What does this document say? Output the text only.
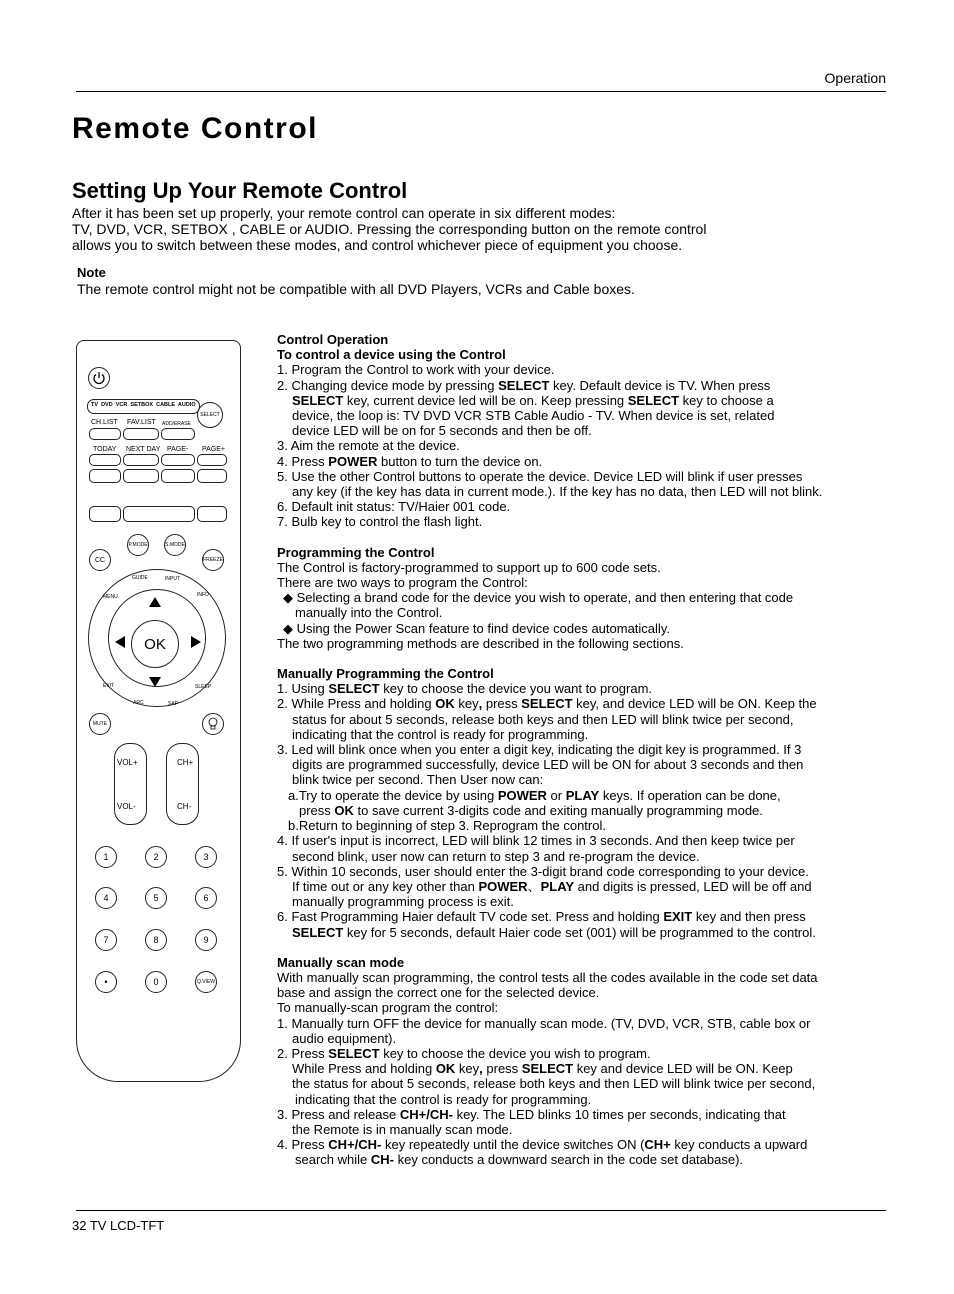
Operation
Remote Control
Setting Up Your Remote Control
After it has been set up properly, your remote control can operate in six different modes:
TV, DVD, VCR, SETBOX , CABLE or AUDIO. Pressing the corresponding button on the remote control
allows you to switch between these modes, and control whichever piece of equipment you choose.
Note
The remote control might not be compatible with all DVD Players, VCRs and Cable boxes.
TV  DVD  VCR  SETBOX  CABLE  AUDIO
SELECT
CH.LIST FAV.LIST ADD/ERASE
TODAY NEXT DAY PAGE- PAGE+
P.MODE	S.MODE
CC	FREEZE
OK
GUIDE	INPUT
MENU	INFO
EXIT
ARC	SAP
SLEEP
MUTE
VOL+
VOL-
CH+
CH-
1	2	3
4	5	6
7	8	9
•	0	Q.VIEW

Control Operation

To control a device using the Control

1. Program the Control to work with your device.

2. Changing device mode by pressing SELECT key. Default device is TV. When press

SELECT key, current device led will be on. Keep pressing SELECT key to choose a

device, the loop is: TV DVD VCR STB Cable Audio - TV. When device is set, related

device LED will be on for 5 seconds and then be off.

3. Aim the remote at the device.

4. Press POWER button to turn the device on.

5. Use the other Control buttons to operate the device. Device LED will blink if user presses

any key (if the key has data in current mode.). If the key has no data, then LED will not blink.

6. Default init status: TV/Haier 001 code.

7. Bulb key to control the flash light.

Programming the Control

The Control is factory-programmed to support up to 600 code sets.

There are two ways to program the Control:

◆ Selecting a brand code for the device you wish to operate, and then entering that code

manually into the Control.

◆ Using the Power Scan feature to find device codes automatically.

The two programming methods are described in the following sections.

Manually Programming the Control

1. Using SELECT key to choose the device you want to program.

2. While Press and holding OK key, press SELECT key, and device LED will be ON. Keep the

status for about 5 seconds, release both keys and then LED will blink twice per second,

indicating that the control is ready for programming.

3. Led will blink once when you enter a digit key, indicating the digit key is programmed. If 3

digits are programmed successfully, device LED will be ON for about 3 seconds and then

blink twice per second. Then User now can:

a.Try to operate the device by using POWER or PLAY keys. If operation can be done,

press OK to save current 3-digits code and exiting manually programming mode.

b.Return to beginning of step 3. Reprogram the control.

4. If user's input is incorrect, LED will blink 12 times in 3 seconds. And then keep twice per

second blink, user now can return to step 3 and re-program the device.

5. Within 10 seconds, user should enter the 3-digit brand code corresponding to your device.

If time out or any key other than POWER、PLAY and digits is pressed, LED will be off and

manually programming process is exit.

6. Fast Programming Haier default TV code set. Press and holding EXIT key and then press

SELECT key for 5 seconds, default Haier code set (001) will be programmed to the control.

Manually scan mode

With manually scan programming, the control tests all the codes available in the code set data

base and assign the correct one for the selected device.

To manually-scan program the control:

1. Manually turn OFF the device for manually scan mode. (TV, DVD, VCR, STB, cable box or

audio equipment).

2. Press SELECT key to choose the device you wish to program.

While Press and holding OK key, press SELECT key and device LED will be ON. Keep

the status for about 5 seconds, release both keys and then LED will blink twice per second,

indicating that the control is ready for programming.

3. Press and release CH+/CH- key. The LED blinks 10 times per seconds, indicating that

the Remote is in manually scan mode.

4. Press CH+/CH- key repeatedly until the device switches ON (CH+ key conducts a upward

search while CH- key conducts a downward search in the code set database).

32 TV LCD-TFT
